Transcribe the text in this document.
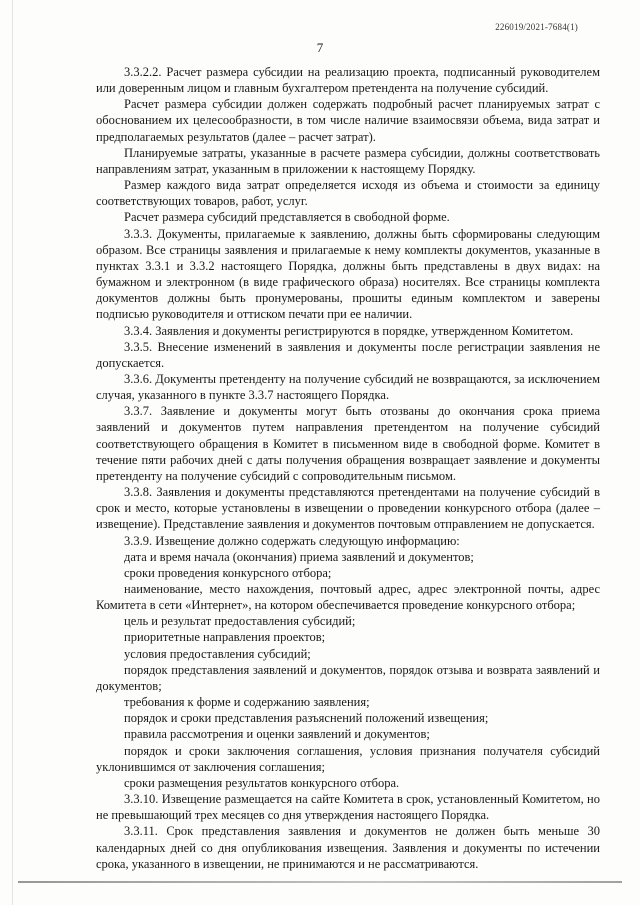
226019/2021-7684(1)
7

3.3.2.2. Расчет размера субсидии на реализацию проекта, подписанный руководителем или доверенным лицом и главным бухгалтером претендента на получение субсидий.

Расчет размера субсидии должен содержать подробный расчет планируемых затрат с обоснованием их целесообразности, в том числе наличие взаимосвязи объема, вида затрат и предполагаемых результатов (далее – расчет затрат).

Планируемые затраты, указанные в расчете размера субсидии, должны соответствовать направлениям затрат, указанным в приложении к настоящему Порядку.

Размер каждого вида затрат определяется исходя из объема и стоимости за единицу соответствующих товаров, работ, услуг.

Расчет размера субсидий представляется в свободной форме.

3.3.3. Документы, прилагаемые к заявлению, должны быть сформированы следующим образом. Все страницы заявления и прилагаемые к нему комплекты документов, указанные в пунктах 3.3.1 и 3.3.2 настоящего Порядка, должны быть представлены в двух видах: на бумажном и электронном (в виде графического образа) носителях. Все страницы комплекта документов должны быть пронумерованы, прошиты единым комплектом и заверены подписью руководителя и оттиском печати при ее наличии.

3.3.4. Заявления и документы регистрируются в порядке, утвержденном Комитетом.

3.3.5. Внесение изменений в заявления и документы после регистрации заявления не допускается.

3.3.6. Документы претендентy на получение субсидий не возвращаются, за исключением случая, указанного в пункте 3.3.7 настоящего Порядка.

3.3.7. Заявление и документы могут быть отозваны до окончания срока приема заявлений и документов путем направления претендентом на получение субсидий соответствующего обращения в Комитет в письменном виде в свободной форме. Комитет в течение пяти рабочих дней с даты получения обращения возвращает заявление и документы претенденту на получение субсидий с сопроводительным письмом.

3.3.8. Заявления и документы представляются претендентами на получение субсидий в срок и место, которые установлены в извещении о проведении конкурсного отбора (далее – извещение). Представление заявления и документов почтовым отправлением не допускается.

3.3.9. Извещение должно содержать следующую информацию:

дата и время начала (окончания) приема заявлений и документов;

сроки проведения конкурсного отбора;

наименование, место нахождения, почтовый адрес, адрес электронной почты, адрес Комитета в сети «Интернет», на котором обеспечивается проведение конкурсного отбора;

цель и результат предоставления субсидий;

приоритетные направления проектов;

условия предоставления субсидий;

порядок представления заявлений и документов, порядок отзыва и возврата заявлений и документов;

требования к форме и содержанию заявления;

порядок и сроки представления разъяснений положений извещения;

правила рассмотрения и оценки заявлений и документов;

порядок и сроки заключения соглашения, условия признания получателя субсидий уклонившимся от заключения соглашения;

сроки размещения результатов конкурсного отбора.

3.3.10. Извещение размещается на сайте Комитета в срок, установленный Комитетом, но не превышающий трех месяцев со дня утверждения настоящего Порядка.

3.3.11. Срок представления заявления и документов не должен быть меньше 30 календарных дней со дня опубликования извещения. Заявления и документы по истечении срока, указанного в извещении, не принимаются и не рассматриваются.
